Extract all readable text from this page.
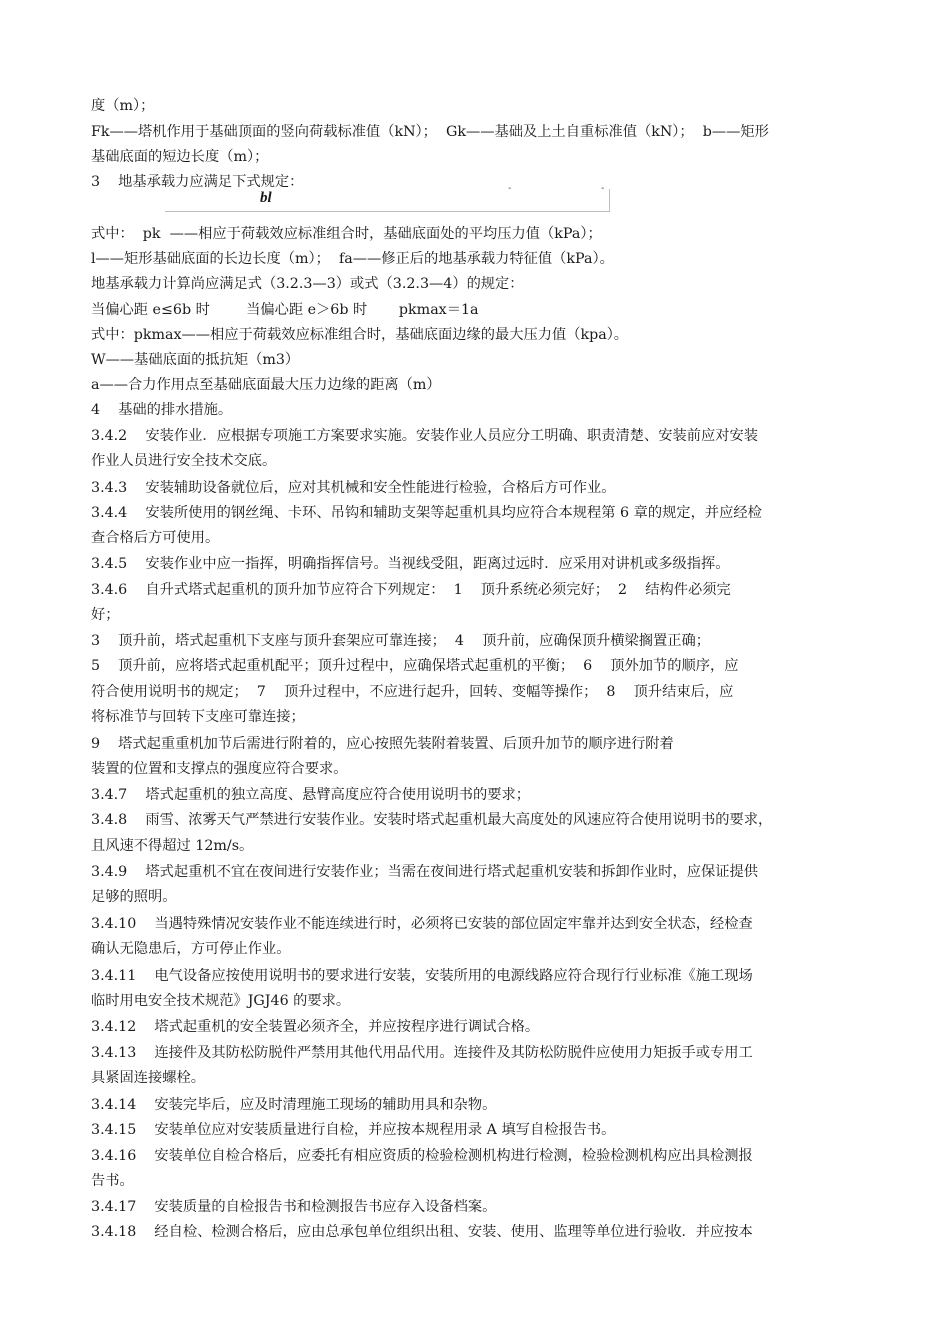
bl
-	-
度（m）；
Fk——塔机作用于基础顶面的竖向荷载标准值（kN）；  Gk——基础及上土自重标准值（kN）；  b——矩形
基础底面的短边长度（m）；
3    地基承载力应满足下式规定：
式中：  pk  ——相应于荷载效应标准组合时，基础底面处的平均压力值（kPa）；
l——矩形基础底面的长边长度（m）；  fa——修正后的地基承载力特征值（kPa）。
地基承载力计算尚应满足式（3.2.3—3）或式（3.2.3—4）的规定：
当偏心距 e≤6b 时        当偏心距 e＞6b 时       pkmax＝1a
式中：pkmax——相应于荷载效应标准组合时，基础底面边缘的最大压力值（kpa）。
W——基础底面的抵抗矩（m3）
a——合力作用点至基础底面最大压力边缘的距离（m）
4    基础的排水措施。
3.4.2    安装作业．应根据专项施工方案要求实施。安装作业人员应分工明确、职责清楚、安装前应对安装
作业人员进行安全技术交底。
3.4.3    安装辅助设备就位后，应对其机械和安全性能进行检验，合格后方可作业。
3.4.4    安装所使用的钢丝绳、卡环、吊钩和辅助支架等起重机具均应符合本规程第 6 章的规定，并应经检
查合格后方可使用。
3.4.5    安装作业中应一指挥，明确指挥信号。当视线受阻，距离过远时．应采用对讲机或多级指挥。
3.4.6    自升式塔式起重机的顶升加节应符合下列规定：  1    顶升系统必须完好；  2    结构件必须完
好；
3    顶升前，塔式起重机下支座与顶升套架应可靠连接；  4    顶升前，应确保顶升横梁搁置正确；
5    顶升前，应将塔式起重机配平；顶升过程中，应确保塔式起重机的平衡；  6    顶外加节的顺序，应
符合使用说明书的规定；  7    顶升过程中，不应进行起升，回转、变幅等操作；  8    顶升结束后，应
将标准节与回转下支座可靠连接；
9    塔式起重重机加节后需进行附着的，应心按照先装附着装置、后顶升加节的顺序进行附着
装置的位置和支撑点的强度应符合要求。
3.4.7    塔式起重机的独立高度、悬臂高度应符合使用说明书的要求；
3.4.8    雨雪、浓雾天气严禁进行安装作业。安装时塔式起重机最大高度处的风速应符合使用说明书的要求，
且风速不得超过 12m/s。
3.4.9    塔式起重机不宜在夜间进行安装作业；当需在夜间进行塔式起重机安装和拆卸作业时，应保证提供
足够的照明。
3.4.10    当遇特殊情况安装作业不能连续进行时，必须将已安装的部位固定牢靠并达到安全状态，经检查
确认无隐患后，方可停止作业。
3.4.11    电气设备应按使用说明书的要求进行安装，安装所用的电源线路应符合现行行业标准《施工现场
临时用电安全技术规范》JGJ46 的要求。
3.4.12    塔式起重机的安全装置必须齐全，并应按程序进行调试合格。
3.4.13    连接件及其防松防脱件严禁用其他代用品代用。连接件及其防松防脱件应使用力矩扳手或专用工
具紧固连接螺栓。
3.4.14    安装完毕后，应及时清理施工现场的辅助用具和杂物。
3.4.15    安装单位应对安装质量进行自检，并应按本规程用录 A 填写自检报告书。
3.4.16    安装单位自检合格后，应委托有相应资质的检验检测机构进行检测，检验检测机构应出具检测报
告书。
3.4.17    安装质量的自检报告书和检测报告书应存入设备档案。
3.4.18    经自检、检测合格后，应由总承包单位组织出租、安装、使用、监理等单位进行验收．并应按本
